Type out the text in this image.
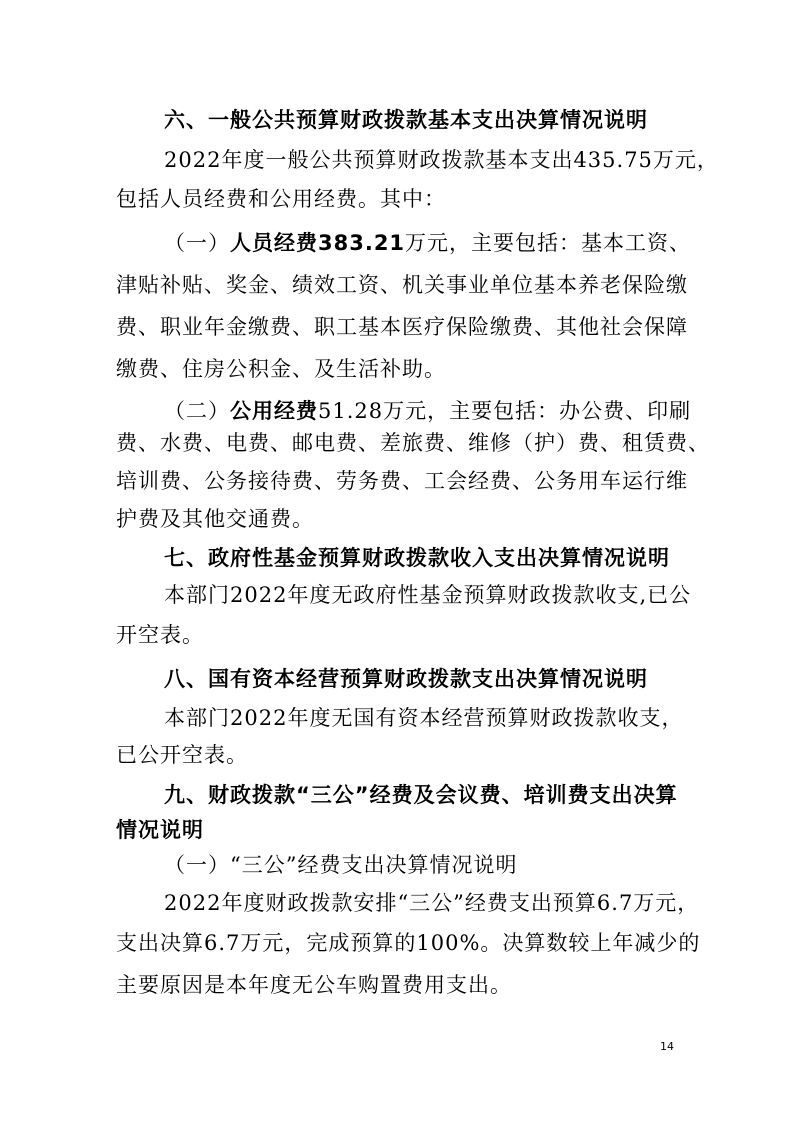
六、一般公共预算财政拨款基本支出决算情况说明
2022年度一般公共预算财政拨款基本支出435.75万元，
包括人员经费和公用经费。其中：
（一）人员经费383.21万元，主要包括：基本工资、
津贴补贴、奖金、绩效工资、机关事业单位基本养老保险缴
费、职业年金缴费、职工基本医疗保险缴费、其他社会保障
缴费、住房公积金、及生活补助。
（二）公用经费51.28万元，主要包括：办公费、印刷
费、水费、电费、邮电费、差旅费、维修（护）费、租赁费、
培训费、公务接待费、劳务费、工会经费、公务用车运行维
护费及其他交通费。
七、政府性基金预算财政拨款收入支出决算情况说明
本部门2022年度无政府性基金预算财政拨款收支,已公
开空表。
八、国有资本经营预算财政拨款支出决算情况说明
本部门2022年度无国有资本经营预算财政拨款收支，
已公开空表。
九、财政拨款“三公”经费及会议费、培训费支出决算
情况说明
（一）“三公”经费支出决算情况说明
2022年度财政拨款安排“三公”经费支出预算6.7万元，
支出决算6.7万元，完成预算的100%。决算数较上年减少的
主要原因是本年度无公车购置费用支出。
14
